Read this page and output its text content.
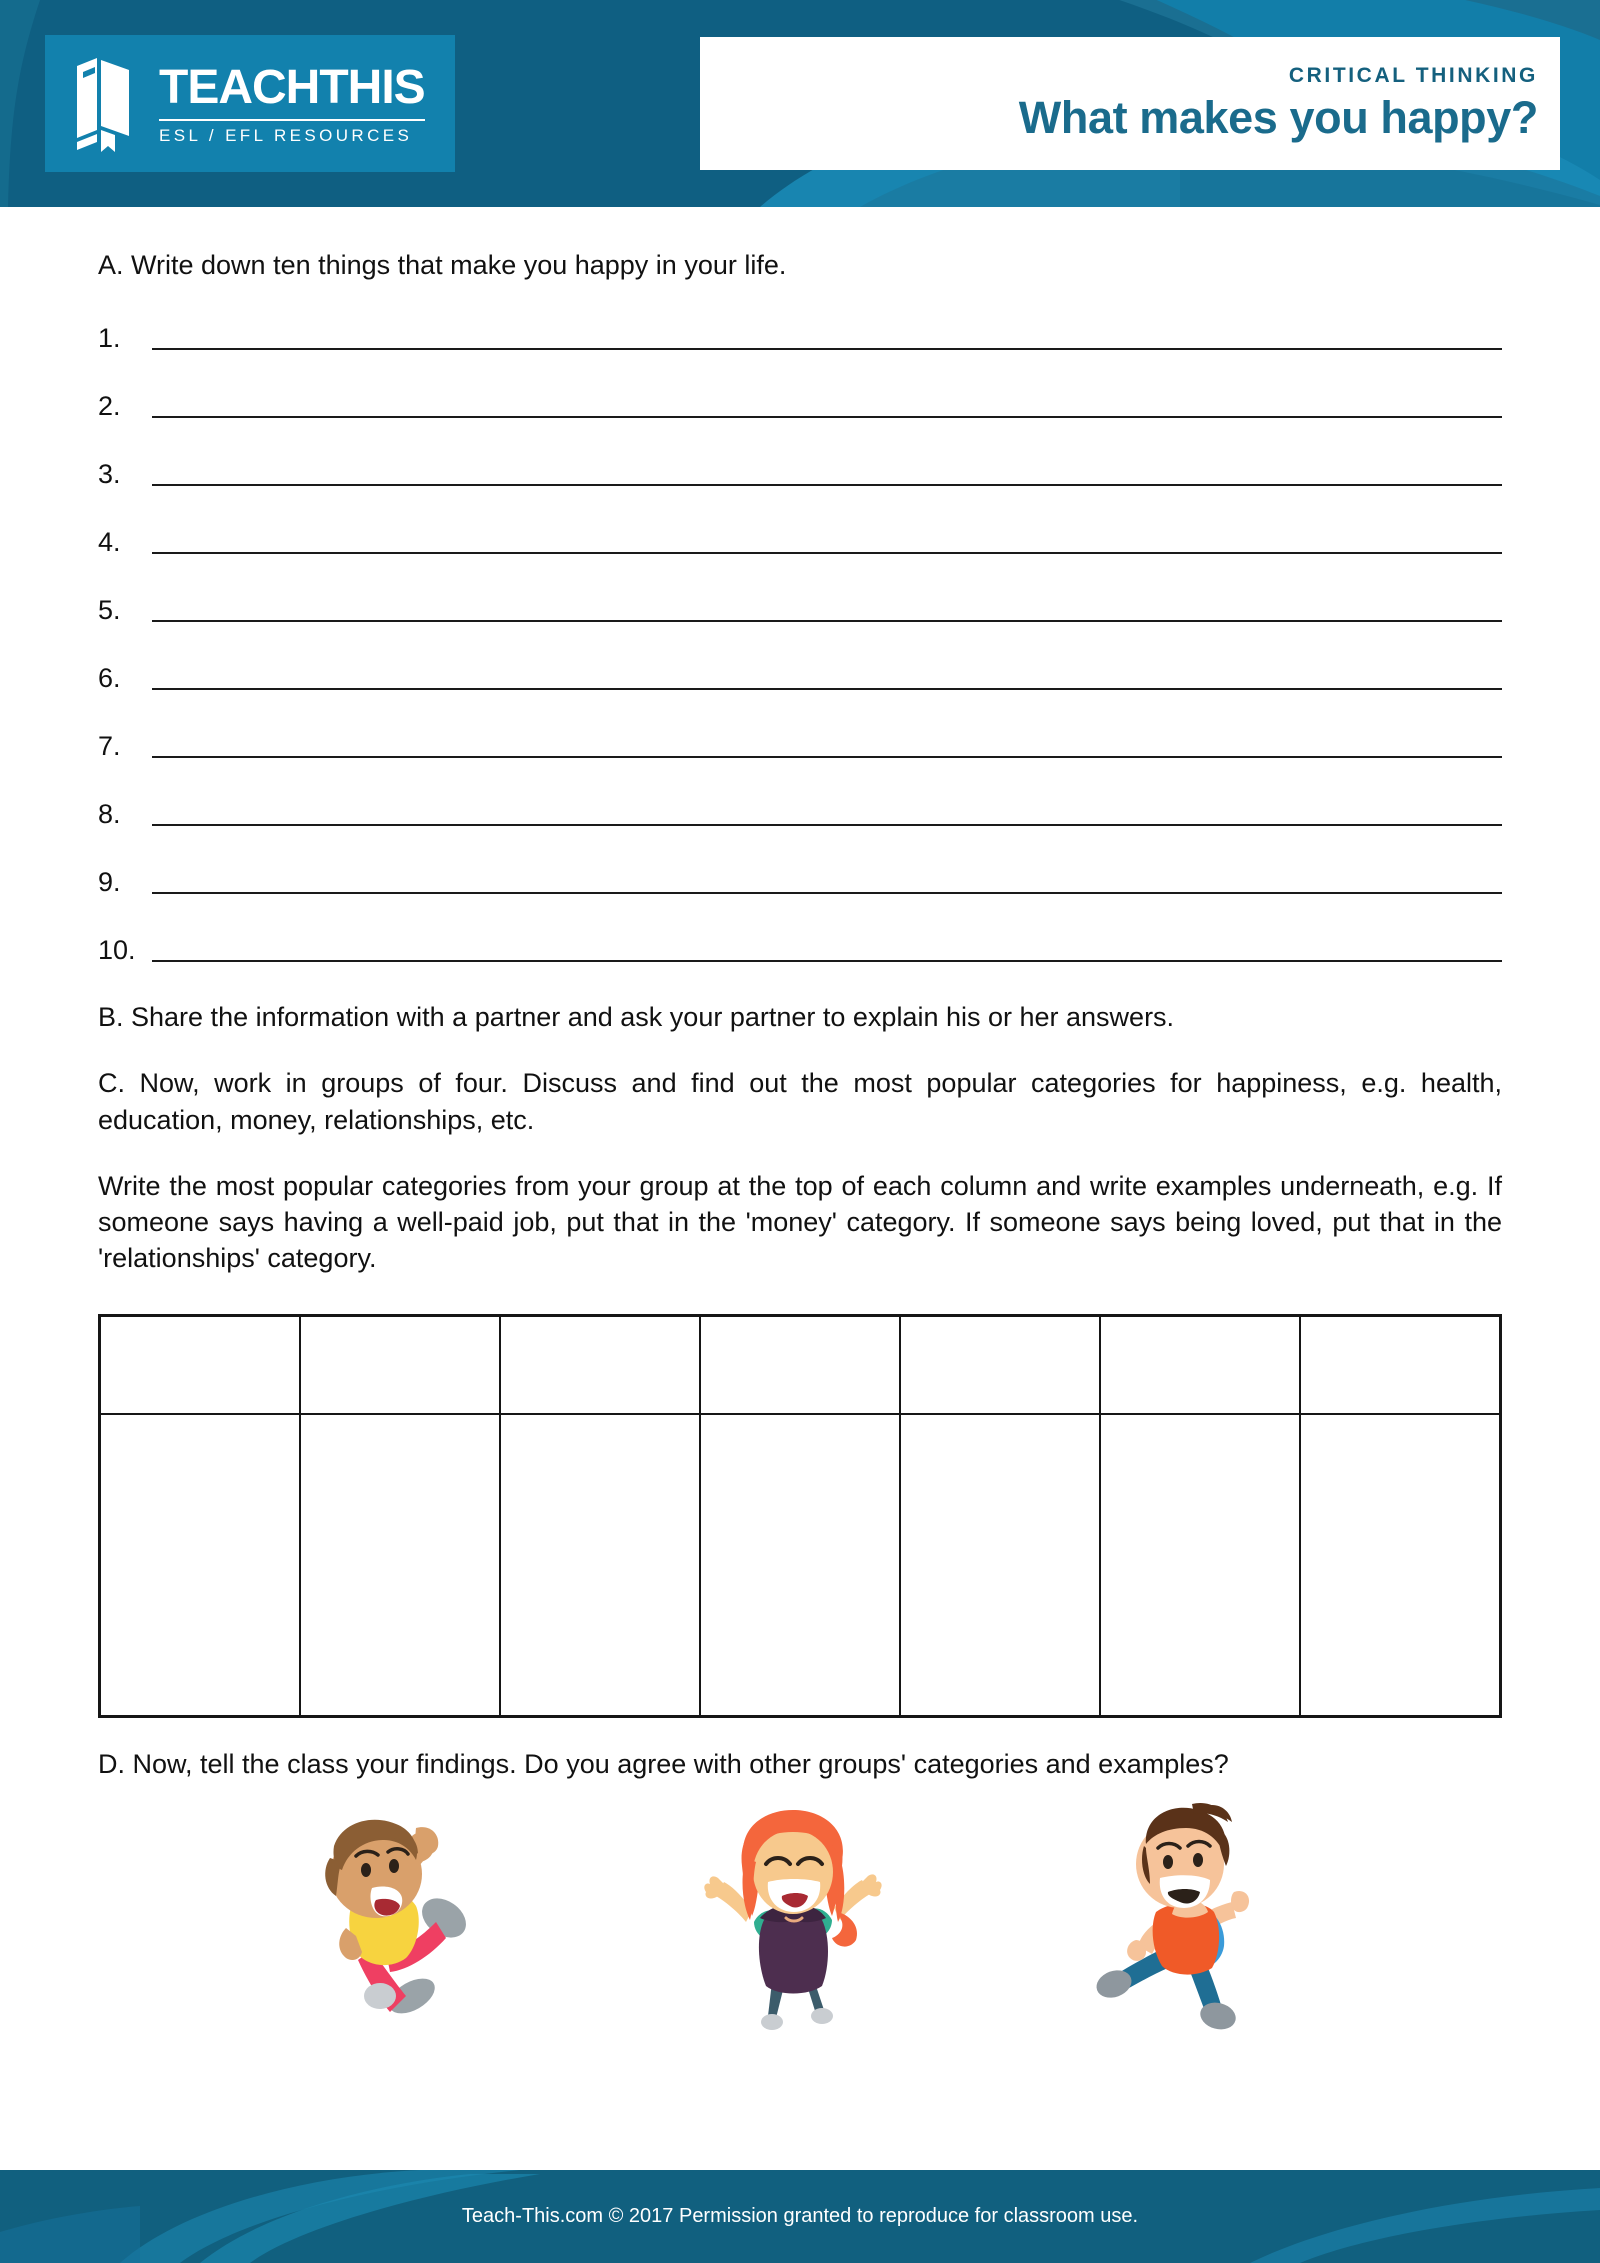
TEACHTHIS
ESL / EFL RESOURCES
CRITICAL THINKING
What makes you happy?

A. Write down ten things that make you happy in your life.

1.
2.
3.
4.
5.
6.
7.
8.
9.
10.

B. Share the information with a partner and ask your partner to explain his or her answers.

C. Now, work in groups of four. Discuss and find out the most popular categories for happiness, e.g. health, education, money, relationships, etc.

Write the most popular categories from your group at the top of each column and write examples underneath, e.g. If someone says having a well-paid job, put that in the 'money' category. If someone says being loved, put that in the 'relationships' category.

D. Now, tell the class your findings. Do you agree with other groups' categories and examples?

Teach-This.com © 2017 Permission granted to reproduce for classroom use.
